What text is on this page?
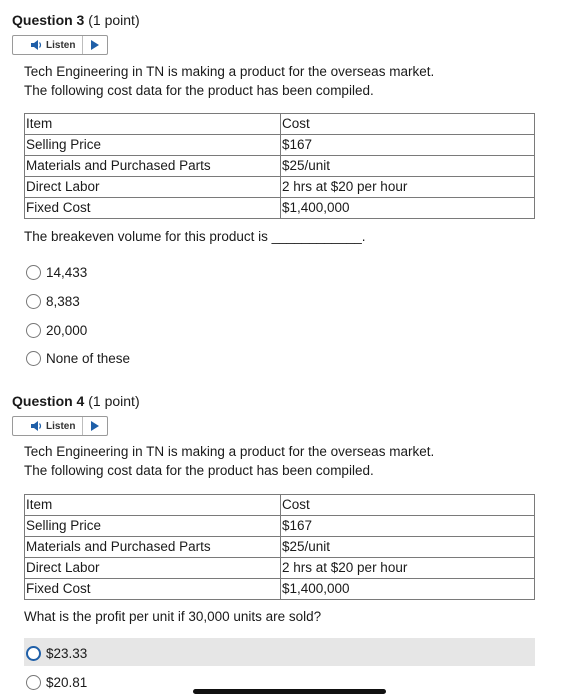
Question 3 (1 point)
Listen
Tech Engineering in TN is making a product for the overseas market.
The following cost data for the product has been compiled.
Item	Cost
Selling Price	$167
Materials and Purchased Parts	$25/unit
Direct Labor	2 hrs at $20 per hour
Fixed Cost	$1,400,000
The breakeven volume for this product is ____________.
14,433
8,383
20,000
None of these
Question 4 (1 point)
Listen
Tech Engineering in TN is making a product for the overseas market.
The following cost data for the product has been compiled.
Item	Cost
Selling Price	$167
Materials and Purchased Parts	$25/unit
Direct Labor	2 hrs at $20 per hour
Fixed Cost	$1,400,000
What is the profit per unit if 30,000 units are sold?
$23.33
$20.81
